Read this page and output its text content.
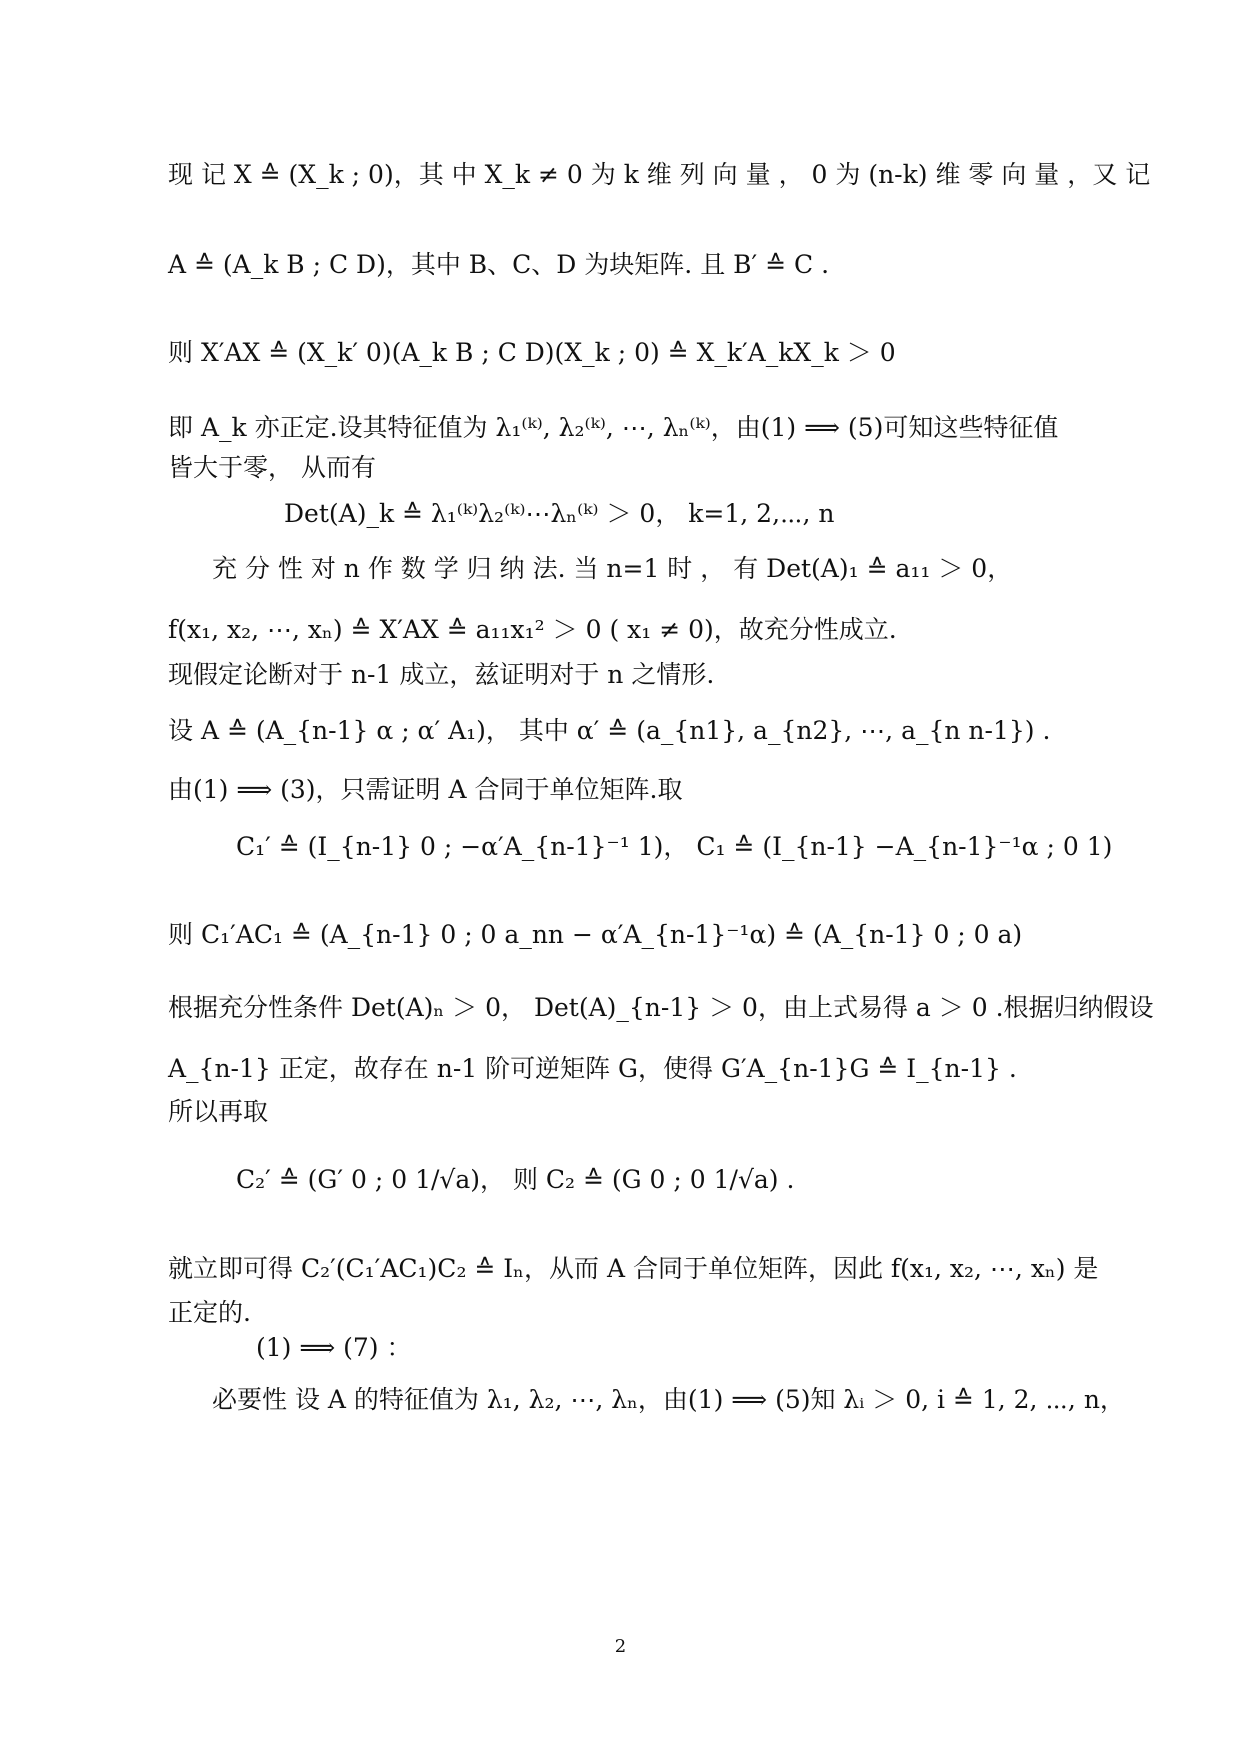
现 记 X ≙ (X_k ; 0)，其 中 X_k ≠ 0 为 k 维 列 向 量 ， 0 为 (n-k) 维 零 向 量 ，又 记
A ≙ (A_k B ; C D)，其中 B、C、D 为块矩阵. 且 B′ ≙ C .
则 X′AX ≙ (X_k′ 0)(A_k B ; C D)(X_k ; 0) ≙ X_k′A_kX_k ＞ 0
即 A_k 亦正定.设其特征值为 λ₁⁽ᵏ⁾, λ₂⁽ᵏ⁾, ⋯, λₙ⁽ᵏ⁾，由(1) ⟹ (5)可知这些特征值
皆大于零， 从而有
Det(A)_k ≙ λ₁⁽ᵏ⁾λ₂⁽ᵏ⁾⋯λₙ⁽ᵏ⁾ ＞ 0， k=1, 2,⋯, n
充 分 性 对 n 作 数 学 归 纳 法. 当 n=1 时 ， 有 Det(A)₁ ≙ a₁₁ ＞ 0，
f(x₁, x₂, ⋯, xₙ) ≙ X′AX ≙ a₁₁x₁² ＞ 0 ( x₁ ≠ 0)，故充分性成立.
现假定论断对于 n-1 成立，兹证明对于 n 之情形.
设 A ≙ (A_{n-1} α ; α′ A₁)， 其中 α′ ≙ (a_{n1}, a_{n2}, ⋯, a_{n n-1}) .
由(1) ⟹ (3)，只需证明 A 合同于单位矩阵.取
C₁′ ≙ (I_{n-1} 0 ; −α′A_{n-1}⁻¹ 1)， C₁ ≙ (I_{n-1} −A_{n-1}⁻¹α ; 0 1)
则 C₁′AC₁ ≙ (A_{n-1} 0 ; 0 a_nn − α′A_{n-1}⁻¹α) ≙ (A_{n-1} 0 ; 0 a)
根据充分性条件 Det(A)ₙ ＞ 0， Det(A)_{n-1} ＞ 0，由上式易得 a ＞ 0 .根据归纳假设
A_{n-1} 正定，故存在 n-1 阶可逆矩阵 G，使得 G′A_{n-1}G ≙ I_{n-1} .
所以再取
C₂′ ≙ (G′ 0 ; 0 1/√a)， 则 C₂ ≙ (G 0 ; 0 1/√a) .
就立即可得 C₂′(C₁′AC₁)C₂ ≙ Iₙ，从而 A 合同于单位矩阵，因此 f(x₁, x₂, ⋯, xₙ) 是
正定的.
(1) ⟹ (7) ：
必要性 设 A 的特征值为 λ₁, λ₂, ⋯, λₙ，由(1) ⟹ (5)知 λᵢ ＞ 0, i ≙ 1, 2, ⋯, n，
2
